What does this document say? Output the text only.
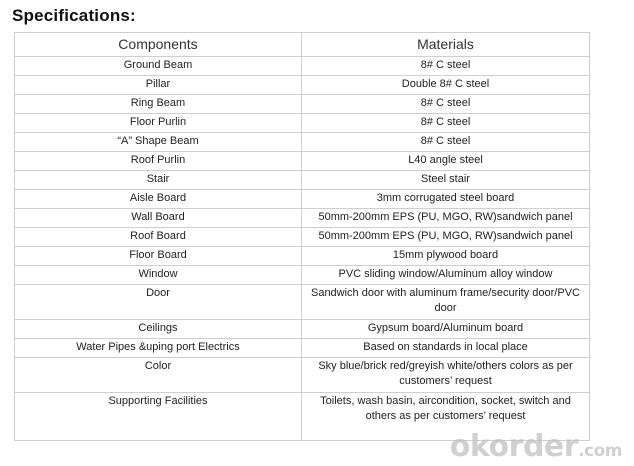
Specifications:
Components	Materials
Ground Beam	8# C steel
Pillar	Double 8# C steel
Ring Beam	8# C steel
Floor Purlin	8# C steel
“A” Shape Beam	8# C steel
Roof Purlin	L40 angle steel
Stair	Steel stair
Aisle Board	3mm corrugated steel board
Wall Board	50mm-200mm EPS (PU, MGO, RW)sandwich panel
Roof Board	50mm-200mm EPS (PU, MGO, RW)sandwich panel
Floor Board	15mm plywood board
Window	PVC sliding window/Aluminum alloy window
Door	Sandwich door with aluminum frame/security door/PVC door
Ceilings	Gypsum board/Aluminum board
Water Pipes &uping port Electrics	Based on standards in local place
Color	Sky blue/brick red/greyish white/others colors as per customers’ request
Supporting Facilities	Toilets, wash basin, aircondition, socket, switch and others as per customers’ request
okorder.com
